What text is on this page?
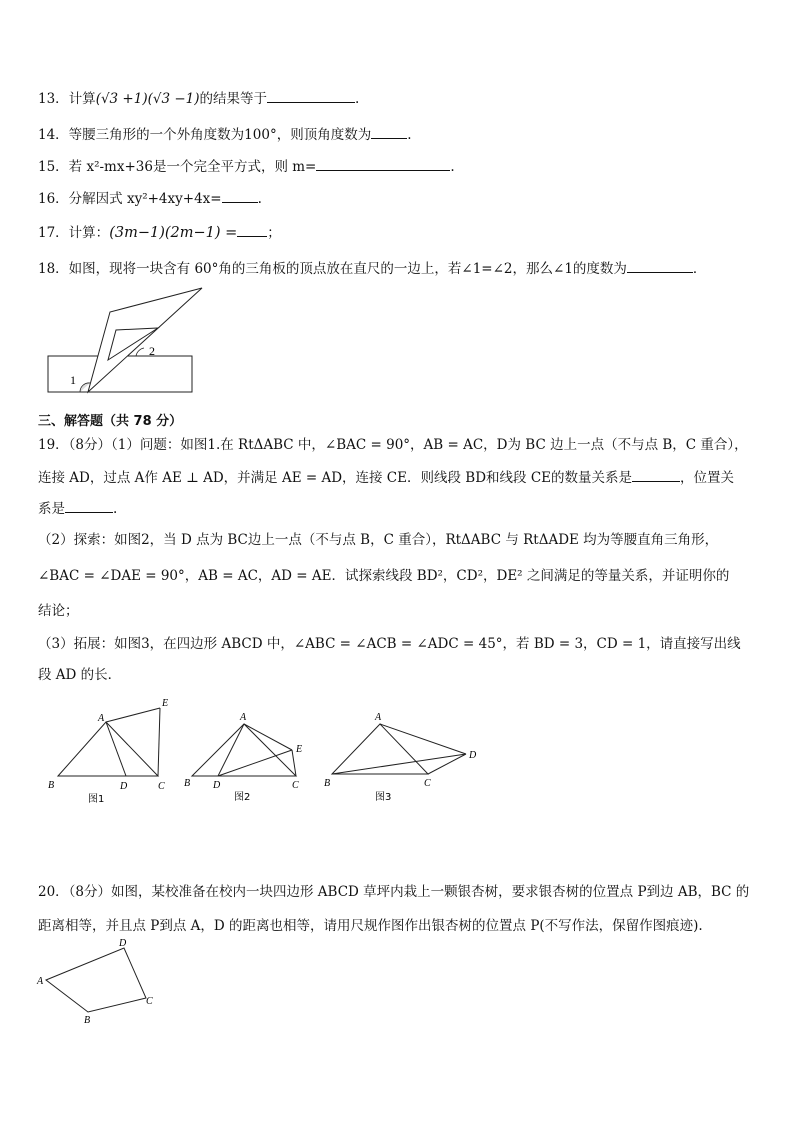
13．计算(√3 +1)(√3 −1)的结果等于	.
14．等腰三角形的一个外角度数为100°，则顶角度数为	.
15．若 x²-mx+36是一个完全平方式，则 m=	.
16．分解因式 xy²+4xy+4x=	.
17．计算：(3m−1)(2m−1) = ；
18．如图，现将一块含有 60°角的三角板的顶点放在直尺的一边上，若∠1=∠2，那么∠1的度数为	．
1
2
三、解答题（共 78 分）
19．（8分）（1）问题：如图1.在 RtΔABC 中，∠BAC = 90°，AB = AC，D为 BC 边上一点（不与点 B，C 重合），
连接 AD，过点 A作 AE ⊥ AD，并满足 AE = AD，连接 CE．则线段 BD和线段 CE的数量关系是	，位置关
系是	.
（2）探索：如图2，当 D 点为 BC边上一点（不与点 B，C 重合），RtΔABC 与 RtΔADE 均为等腰直角三角形，
∠BAC = ∠DAE = 90°，AB = AC，AD = AE．试探索线段 BD²，CD²，DE² 之间满足的等量关系，并证明你的
结论；
（3）拓展：如图3，在四边形 ABCD 中，∠ABC = ∠ACB = ∠ADC = 45°，若 BD = 3，CD = 1，请直接写出线
段 AD 的长．
A
E
B	D	C
图1
A
E
B D	C
图2
A
D
B	C
图3
20．（8分）如图，某校准备在校内一块四边形 ABCD 草坪内栽上一颗银杏树，要求银杏树的位置点 P到边 AB，BC 的
距离相等，并且点 P到点 A，D 的距离也相等，请用尺规作图作出银杏树的位置点 P(不写作法，保留作图痕迹).
A
D
C
B
